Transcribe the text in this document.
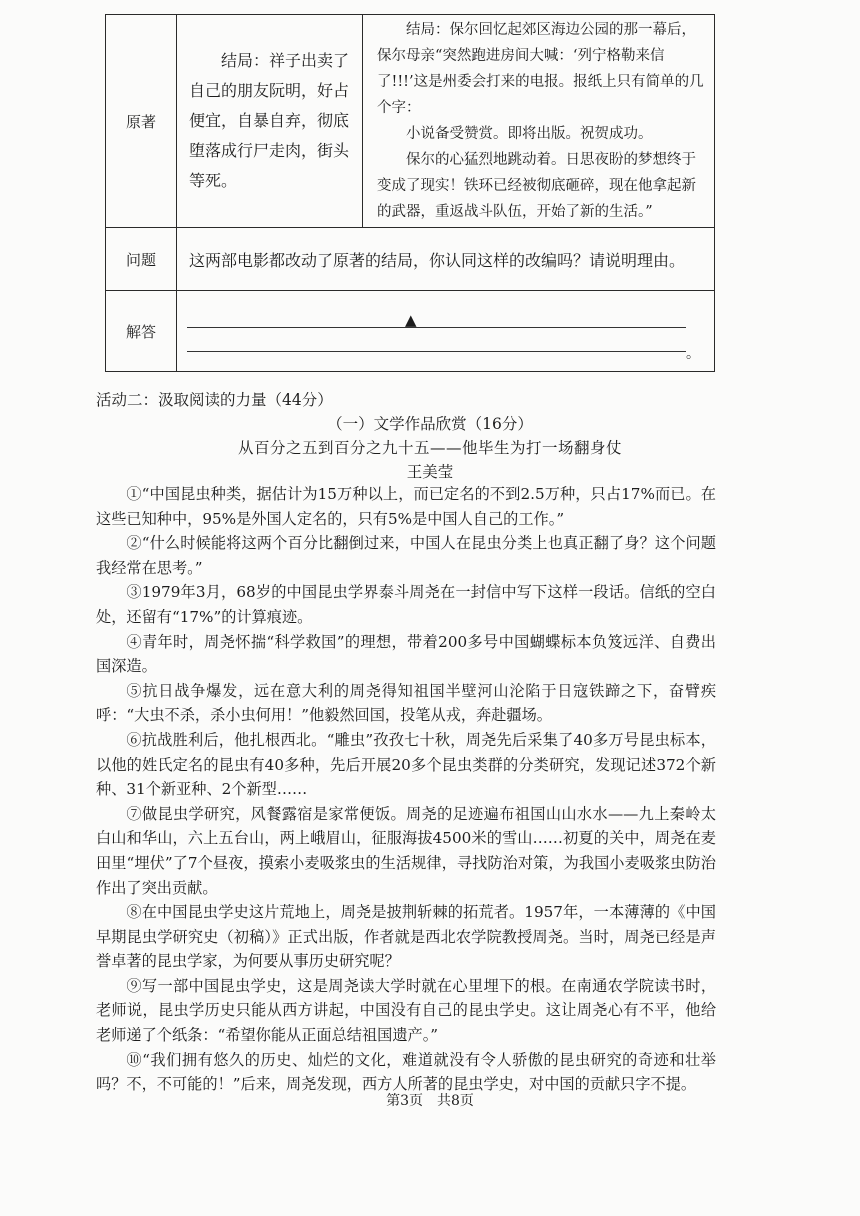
原著	结局：祥子出卖了自己的朋友阮明，好占便宜，自暴自弃，彻底堕落成行尸走肉，街头等死。	结局：保尔回忆起郊区海边公园的那一幕后，保尔母亲“突然跑进房间大喊：‘列宁格勒来信了!!!’这是州委会打来的电报。报纸上只有简单的几个字：

小说备受赞赏。即将出版。祝贺成功。

保尔的心猛烈地跳动着。日思夜盼的梦想终于变成了现实！铁环已经被彻底砸碎，现在他拿起新的武器，重返战斗队伍，开始了新的生活。”

问题	这两部电影都改动了原著的结局，你认同这样的改编吗？请说明理由。	
解答	▲
。	
活动二：汲取阅读的力量（44分）
（一）文学作品欣赏（16分）
从百分之五到百分之九十五——他毕生为打一场翻身仗
王美莹

①“中国昆虫种类，据估计为15万种以上，而已定名的不到2.5万种，只占17%而已。在这些已知种中，95%是外国人定名的，只有5%是中国人自己的工作。”

②“什么时候能将这两个百分比翻倒过来，中国人在昆虫分类上也真正翻了身？这个问题我经常在思考。”

③1979年3月，68岁的中国昆虫学界泰斗周尧在一封信中写下这样一段话。信纸的空白处，还留有“17%”的计算痕迹。

④青年时，周尧怀揣“科学救国”的理想，带着200多号中国蝴蝶标本负笈远洋、自费出国深造。

⑤抗日战争爆发，远在意大利的周尧得知祖国半壁河山沦陷于日寇铁蹄之下，奋臂疾呼：“大虫不杀，杀小虫何用！”他毅然回国，投笔从戎，奔赴疆场。

⑥抗战胜利后，他扎根西北。“雕虫”孜孜七十秋，周尧先后采集了40多万号昆虫标本，以他的姓氏定名的昆虫有40多种，先后开展20多个昆虫类群的分类研究，发现记述372个新种、31个新亚种、2个新型……

⑦做昆虫学研究，风餐露宿是家常便饭。周尧的足迹遍布祖国山山水水——九上秦岭太白山和华山，六上五台山，两上峨眉山，征服海拔4500米的雪山……初夏的关中，周尧在麦田里“埋伏”了7个昼夜，摸索小麦吸浆虫的生活规律，寻找防治对策，为我国小麦吸浆虫防治作出了突出贡献。

⑧在中国昆虫学史这片荒地上，周尧是披荆斩棘的拓荒者。1957年，一本薄薄的《中国早期昆虫学研究史（初稿）》正式出版，作者就是西北农学院教授周尧。当时，周尧已经是声誉卓著的昆虫学家，为何要从事历史研究呢？

⑨写一部中国昆虫学史，这是周尧读大学时就在心里埋下的根。在南通农学院读书时，老师说，昆虫学历史只能从西方讲起，中国没有自己的昆虫学史。这让周尧心有不平，他给老师递了个纸条：“希望你能从正面总结祖国遗产。”

⑩“我们拥有悠久的历史、灿烂的文化，难道就没有令人骄傲的昆虫研究的奇迹和壮举吗？不，不可能的！”后来，周尧发现，西方人所著的昆虫学史，对中国的贡献只字不提。

第3页　共8页
